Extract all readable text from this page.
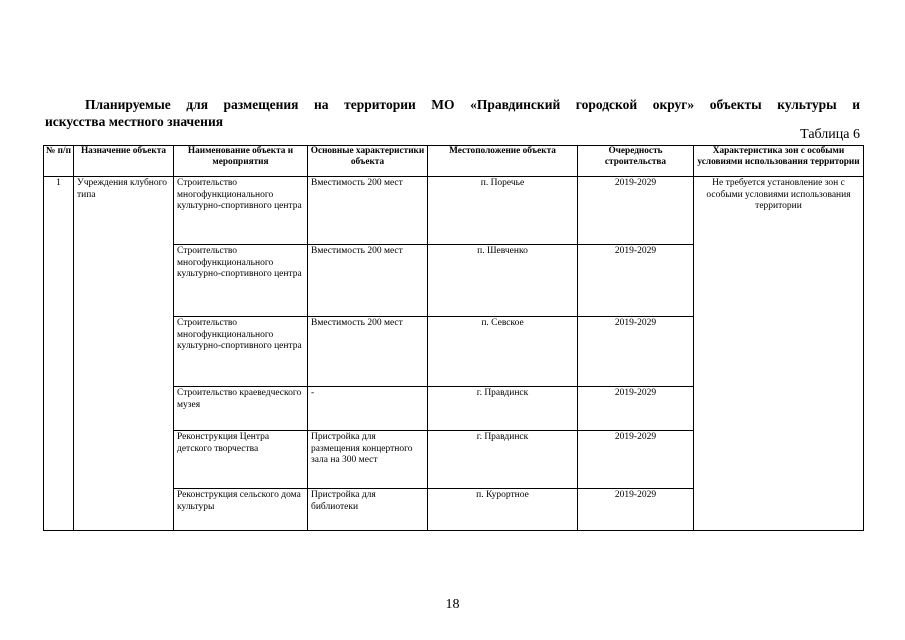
Планируемые для размещения на территории МО «Правдинский городской округ» объекты культуры и
искусства местного значения
Таблица 6
№ п/п	Назначение объекта	Наименование объекта и мероприятия	Основные характеристики объекта	Местоположение объекта	Очередность строительства	Характеристика зон с особыми условиями использования территории
1	Учреждения клубного типа	Строительство многофункционального культурно-спортивного центра	Вместимость 200 мест	п. Поречье	2019-2029	Не требуется установление зон с особыми условиями использования территории
		Строительство многофункционального культурно-спортивного центра	Вместимость 200 мест	п. Шевченко	2019-2029	
		Строительство многофункционального культурно-спортивного центра	Вместимость 200 мест	п. Севское	2019-2029	
		Строительство краеведческого музея	-	г. Правдинск	2019-2029	
		Реконструкция Центра детского творчества	Пристройка для размещения концертного зала на 300 мест	г. Правдинск	2019-2029	
		Реконструкция сельского дома культуры	Пристройка для библиотеки	п. Курортное	2019-2029	
18
